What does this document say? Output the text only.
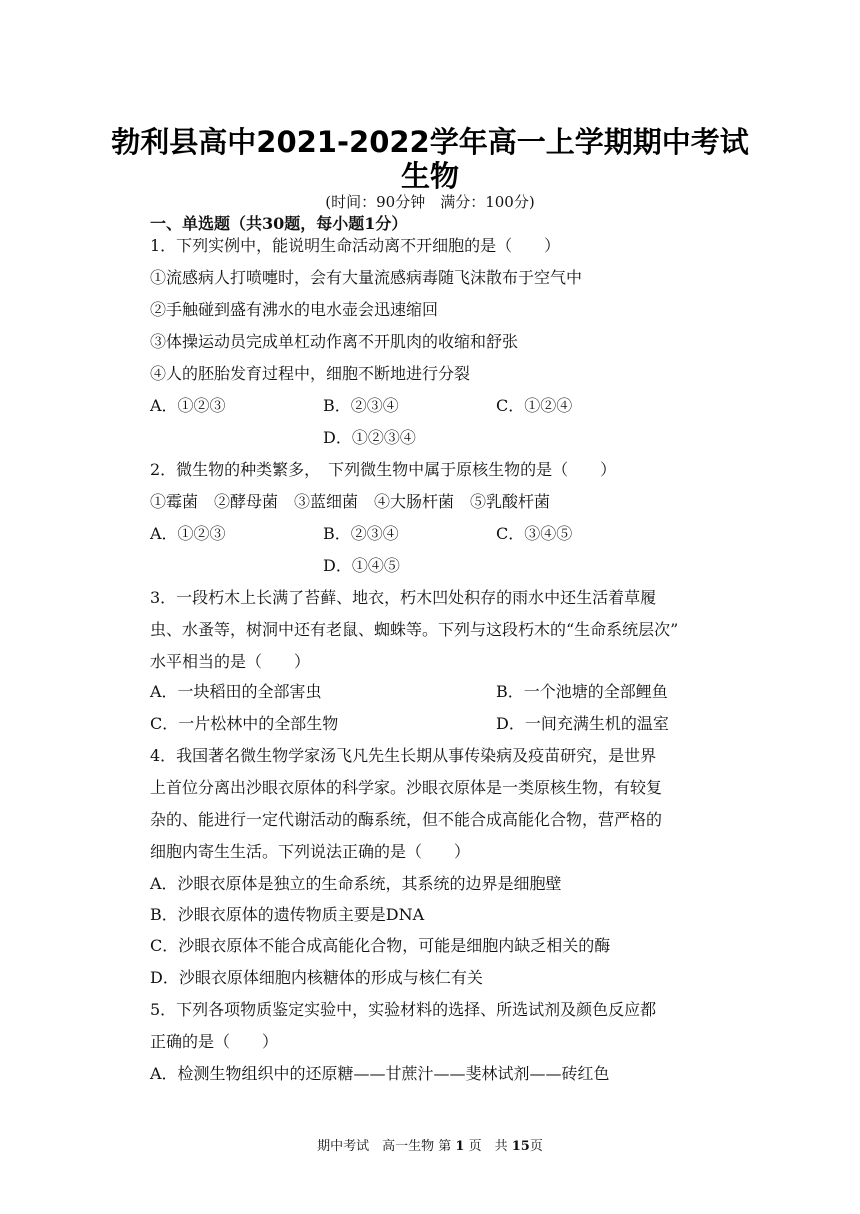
勃利县高中2021-2022学年高一上学期期中考试
生物
(时间：90分钟　满分：100分)
一、单选题（共30题，每小题1分）
1．下列实例中，能说明生命活动离不开细胞的是（　　）
①流感病人打喷嚏时，会有大量流感病毒随飞沫散布于空气中
②手触碰到盛有沸水的电水壶会迅速缩回
③体操运动员完成单杠动作离不开肌肉的收缩和舒张
④人的胚胎发育过程中，细胞不断地进行分裂
A．①②③	B．②③④	C．①②④
D．①②③④
2．微生物的种类繁多，　下列微生物中属于原核生物的是（　　）
①霉菌　②酵母菌　③蓝细菌　④大肠杆菌　⑤乳酸杆菌
A．①②③	B．②③④	C．③④⑤
D．①④⑤
3．一段朽木上长满了苔藓、地衣，朽木凹处积存的雨水中还生活着草履
虫、水蚤等，树洞中还有老鼠、蜘蛛等。下列与这段朽木的“生命系统层次”
水平相当的是（　　）
A．一块稻田的全部害虫	B．一个池塘的全部鲤鱼
C．一片松林中的全部生物	D．一间充满生机的温室
4．我国著名微生物学家汤飞凡先生长期从事传染病及疫苗研究，是世界
上首位分离出沙眼衣原体的科学家。沙眼衣原体是一类原核生物，有较复
杂的、能进行一定代谢活动的酶系统，但不能合成高能化合物，营严格的
细胞内寄生生活。下列说法正确的是（　　）
A．沙眼衣原体是独立的生命系统，其系统的边界是细胞壁
B．沙眼衣原体的遗传物质主要是DNA
C．沙眼衣原体不能合成高能化合物，可能是细胞内缺乏相关的酶
D．沙眼衣原体细胞内核糖体的形成与核仁有关
5．下列各项物质鉴定实验中，实验材料的选择、所选试剂及颜色反应都
正确的是（　　）
A．检测生物组织中的还原糖——甘蔗汁——斐林试剂——砖红色
期中考试　高一生物 第 1 页　共 15页
